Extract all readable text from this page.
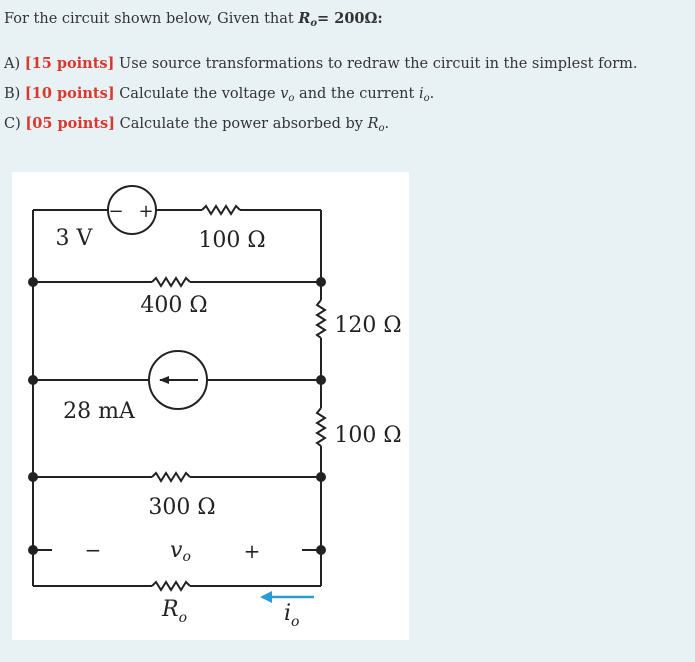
For the circuit shown below, Given that $R_o= 200\Omega$:
A) [15 points] Use source transformations to redraw the circuit in the simplest form.
B) [10 points] Calculate the voltage $v_o$ and the current $i_o$.
C) [05 points] Calculate the power absorbed by $R_o$.
− +
3 V	100 Ω
400 Ω
120 Ω
28 mA
100 Ω
300 Ω
−	+
vo
$R_o$	$i_o$
